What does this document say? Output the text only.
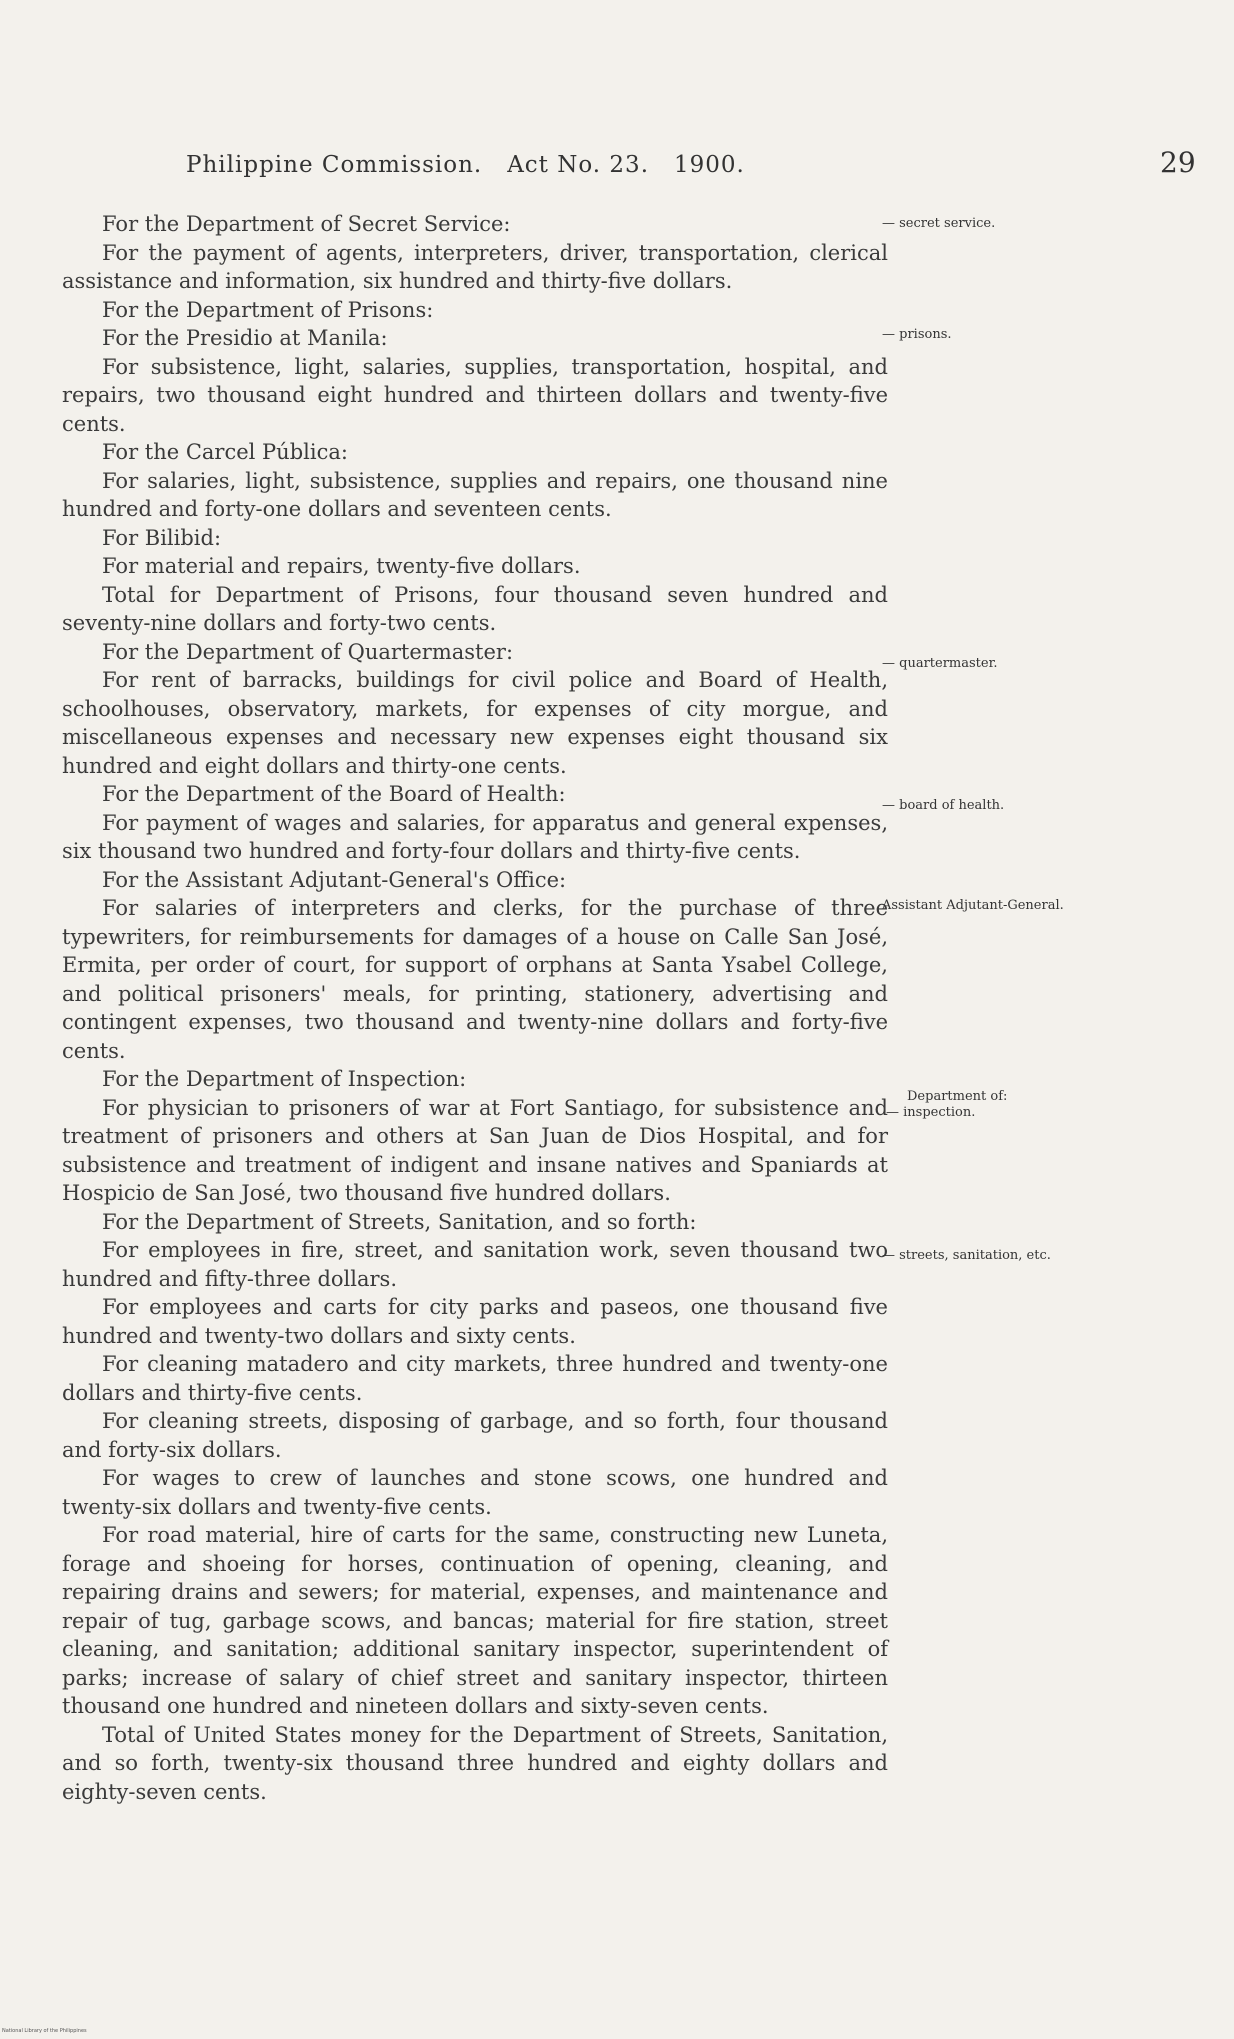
Philippine Commission. Act No. 23. 1900.	29

For the Department of Secret Service:

For the payment of agents, interpreters, driver, transportation, clerical assistance and information, six hundred and thirty-five dollars.

For the Department of Prisons:

For the Presidio at Manila:

For subsistence, light, salaries, supplies, transportation, hospital, and repairs, two thousand eight hundred and thirteen dollars and twenty-five cents.

For the Carcel Pública:

For salaries, light, subsistence, supplies and repairs, one thousand nine hundred and forty-one dollars and seventeen cents.

For Bilibid:

For material and repairs, twenty-five dollars.

Total for Department of Prisons, four thousand seven hundred and seventy-nine dollars and forty-two cents.

For the Department of Quartermaster:

For rent of barracks, buildings for civil police and Board of Health, schoolhouses, observatory, markets, for expenses of city morgue, and miscellaneous expenses and necessary new expenses eight thousand six hundred and eight dollars and thirty-one cents.

For the Department of the Board of Health:

For payment of wages and salaries, for apparatus and general expenses, six thousand two hundred and forty-four dollars and thirty-five cents.

For the Assistant Adjutant-General's Office:

For salaries of interpreters and clerks, for the purchase of three typewriters, for reimbursements for damages of a house on Calle San José, Ermita, per order of court, for support of orphans at Santa Ysabel College, and political prisoners' meals, for printing, stationery, advertising and contingent expenses, two thousand and twenty-nine dollars and forty-five cents.

For the Department of Inspection:

For physician to prisoners of war at Fort Santiago, for subsistence and treatment of prisoners and others at San Juan de Dios Hospital, and for subsistence and treatment of indigent and insane natives and Spaniards at Hospicio de San José, two thousand five hundred dollars.

For the Department of Streets, Sanitation, and so forth:

For employees in fire, street, and sanitation work, seven thousand two hundred and fifty-three dollars.

For employees and carts for city parks and paseos, one thousand five hundred and twenty-two dollars and sixty cents.

For cleaning matadero and city markets, three hundred and twenty-one dollars and thirty-five cents.

For cleaning streets, disposing of garbage, and so forth, four thousand and forty-six dollars.

For wages to crew of launches and stone scows, one hundred and twenty-six dollars and twenty-five cents.

For road material, hire of carts for the same, constructing new Luneta, forage and shoeing for horses, continuation of opening, cleaning, and repairing drains and sewers; for material, expenses, and maintenance and repair of tug, garbage scows, and bancas; material for fire station, street cleaning, and sanitation; additional sanitary inspector, superintendent of parks; increase of salary of chief street and sanitary inspector, thirteen thousand one hundred and nineteen dollars and sixty-seven cents.

Total of United States money for the Department of Streets, Sanitation, and so forth, twenty-six thousand three hundred and eighty dollars and eighty-seven cents.

— secret service.
— prisons.
— quartermaster.
— board of health.
Assistant Adjutant-General.
Department of:
— inspection.
— streets, sanitation, etc.
National Library of the Philippines
